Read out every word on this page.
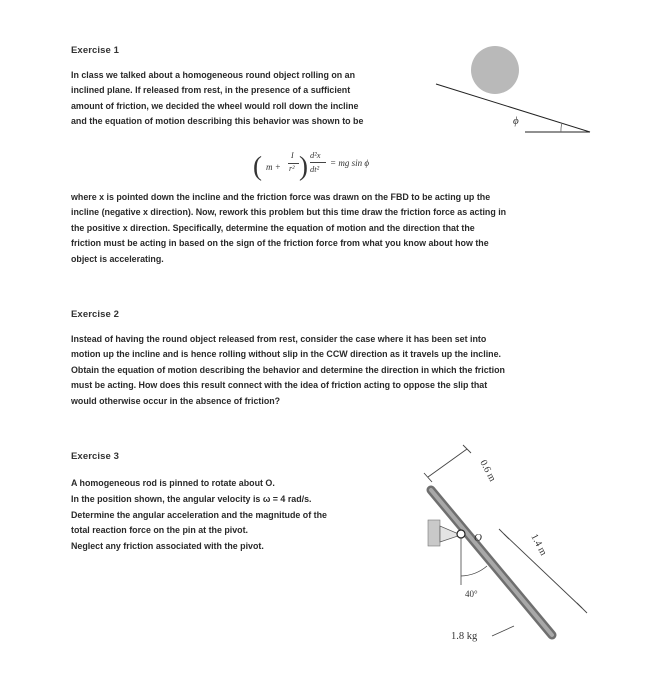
Exercise 1
In class we talked about a homogeneous round object rolling on an
inclined plane. If released from rest, in the presence of a sufficient
amount of friction, we decided the wheel would roll down the incline
and the equation of motion describing this behavior was shown to be	ϕ
( m +
I
r² ) d²x
dt²
= mg sin ϕ
where x is pointed down the incline and the friction force was drawn on the FBD to be acting up the
incline (negative x direction). Now, rework this problem but this time draw the friction force as acting in
the positive x direction. Specifically, determine the equation of motion and the direction that the
friction must be acting in based on the sign of the friction force from what you know about how the
object is accelerating.
Exercise 2
Instead of having the round object released from rest, consider the case where it has been set into
motion up the incline and is hence rolling without slip in the CCW direction as it travels up the incline.
Obtain the equation of motion describing the behavior and determine the direction in which the friction
must be acting. How does this result connect with the idea of friction acting to oppose the slip that
would otherwise occur in the absence of friction?
Exercise 3
A homogeneous rod is pinned to rotate about O.
In the position shown, the angular velocity is ω = 4 rad/s.
Determine the angular acceleration and the magnitude of the
total reaction force on the pin at the pivot.
Neglect any friction associated with the pivot.
0.6 m
1.4 m
O
40°
1.8 kg
